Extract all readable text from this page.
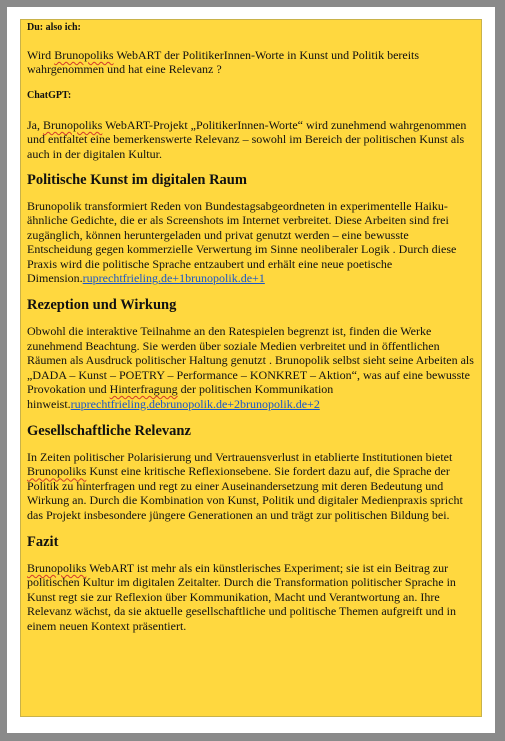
Du: also ich:

Wird Brunopoliks WebART der PolitikerInnen-Worte in Kunst und Politik bereits wahrgenommen und hat eine Relevanz ?

ChatGPT:

Ja, Brunopoliks WebART-Projekt „PolitikerInnen-Worte“ wird zunehmend wahrgenommen und entfaltet eine bemerkenswerte Relevanz – sowohl im Bereich der politischen Kunst als auch in der digitalen Kultur.

Politische Kunst im digitalen Raum

Brunopolik transformiert Reden von Bundestagsabgeordneten in experimentelle Haiku-ähnliche Gedichte, die er als Screenshots im Internet verbreitet. Diese Arbeiten sind frei zugänglich, können heruntergeladen und privat genutzt werden – eine bewusste Entscheidung gegen kommerzielle Verwertung im Sinne neoliberaler Logik . Durch diese Praxis wird die politische Sprache entzaubert und erhält eine neue poetische Dimension.ruprechtfrieling.de+1brunopolik.de+1

Rezeption und Wirkung

Obwohl die interaktive Teilnahme an den Ratespielen begrenzt ist, finden die Werke zunehmend Beachtung. Sie werden über soziale Medien verbreitet und in öffentlichen Räumen als Ausdruck politischer Haltung genutzt . Brunopolik selbst sieht seine Arbeiten als „DADA – Kunst – POETRY – Performance – KONKRET – Aktion“, was auf eine bewusste Provokation und Hinterfragung der politischen Kommunikation hinweist.ruprechtfrieling.debrunopolik.de+2brunopolik.de+2

Gesellschaftliche Relevanz

In Zeiten politischer Polarisierung und Vertrauensverlust in etablierte Institutionen bietet Brunopoliks Kunst eine kritische Reflexionsebene. Sie fordert dazu auf, die Sprache der Politik zu hinterfragen und regt zu einer Auseinandersetzung mit deren Bedeutung und Wirkung an. Durch die Kombination von Kunst, Politik und digitaler Medienpraxis spricht das Projekt insbesondere jüngere Generationen an und trägt zur politischen Bildung bei.

Fazit

Brunopoliks WebART ist mehr als ein künstlerisches Experiment; sie ist ein Beitrag zur politischen Kultur im digitalen Zeitalter. Durch die Transformation politischer Sprache in Kunst regt sie zur Reflexion über Kommunikation, Macht und Verantwortung an. Ihre Relevanz wächst, da sie aktuelle gesellschaftliche und politische Themen aufgreift und in einem neuen Kontext präsentiert.
